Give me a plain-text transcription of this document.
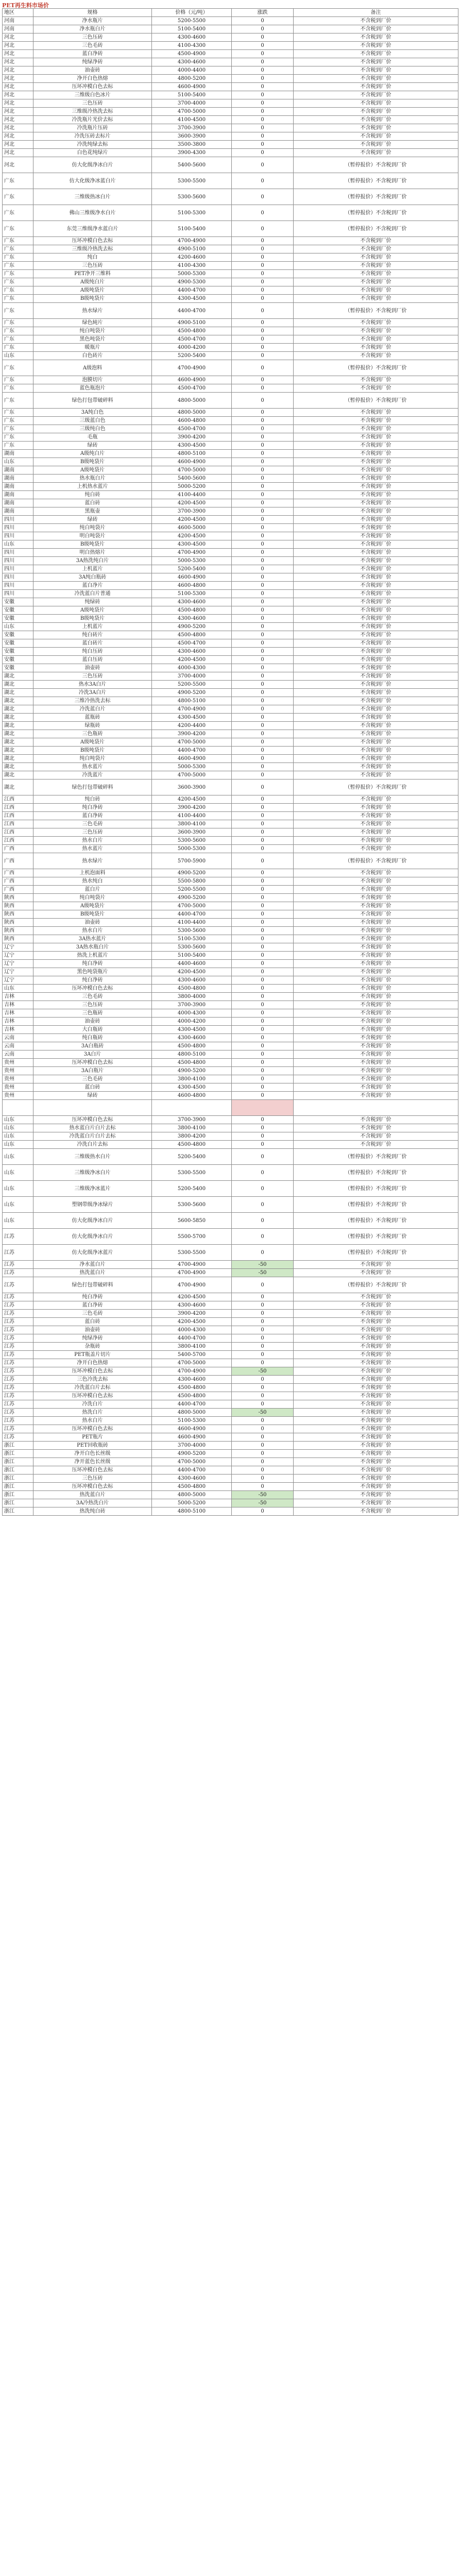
PET再生料市场价
地区	规格	价格（元/吨）	涨跌	备注
河南	净水瓶片	5200-5500	0	不含税到厂价
河南	净水瓶白片	5100-5400	0	不含税到厂价
河北	三色压砖	4300-4600	0	不含税到厂价
河北	三色毛砖	4100-4300	0	不含税到厂价
河北	蓝白净砖	4500-4900	0	不含税到厂价
河北	纯绿净砖	4300-4600	0	不含税到厂价
河北	油壶砖	4000-4400	0	不含税到厂价
河北	净开白色热熔	4800-5200	0	不含税到厂价
河北	压坏冲模白色去标	4600-4900	0	不含税到厂价
河北	三维级白色冰片	5100-5400	0	不含税到厂价
河北	三色压砖	3700-4000	0	不含税到厂价
河北	三维级冷热洗去标	4700-5000	0	不含税到厂价
河北	冷洗瓶片光价去标	4100-4500	0	不含税到厂价
河北	冷洗瓶片压砖	3700-3900	0	不含税到厂价
河北	冷洗压砖去标片	3600-3900	0	不含税到厂价
河北	冷洗纯绿去标	3500-3800	0	不含税到厂价
河北	白色花纯绿片	3900-4300	0	不含税到厂价
河北	仿大化级净冰白片	5400-5600	0	（暂停报价）不含税到厂价
广东	仿大化级净冰蓝白片	5300-5500	0	（暂停报价）不含税到厂价
广东	三维级热冰白片	5300-5600	0	（暂停报价）不含税到厂价
广东	佛山三维级净水白片	5100-5300	0	（暂停报价）不含税到厂价
广东	东莞三维级净水蓝白片	5100-5400	0	（暂停报价）不含税到厂价
广东	压坏冲模白色去标	4700-4900	0	不含税到厂价
广东	三维级冷热洗去标	4900-5100	0	不含税到厂价
广东	纯白	4200-4600	0	不含税到厂价
广东	三色压砖	4100-4300	0	不含税到厂价
广东	PET净开三维料	5000-5300	0	不含税到厂价
广东	A级纯白片	4900-5300	0	不含税到厂价
广东	A级吨袋片	4400-4700	0	不含税到厂价
广东	B级吨袋片	4300-4500	0	不含税到厂价
广东	热水绿片	4400-4700	0	（暂停报价）不含税到厂价
广东	绿色純片	4900-5100	0	不含税到厂价
广东	纯白吨袋片	4500-4800	0	不含税到厂价
广东	黑色吨袋片	4500-4700	0	不含税到厂价
广东	暖瓶片	4000-4200	0	不含税到厂价
山东	白色砖片	5200-5400	0	不含税到厂价
广东	A级泡料	4700-4900	0	（暂停报价）不含税到厂价
广东	泡膜切片	4600-4900	0	不含税到厂价
广东	蓝色瓶泡片	4500-4700	0	不含税到厂价
广东	绿色打包带破碎料	4800-5000	0	（暂停报价）不含税到厂价
广东	3A纯白色	4800-5000	0	不含税到厂价
广东	三级蓝白色	4600-4800	0	不含税到厂价
广东	三级纯白色	4500-4700	0	不含税到厂价
广东	毛瓶	3900-4200	0	不含税到厂价
广东	绿砖	4300-4500	0	不含税到厂价
湖南	A级纯白片	4800-5100	0	不含税到厂价
山东	B级吨袋片	4600-4900	0	不含税到厂价
湖南	A级吨袋片	4700-5000	0	不含税到厂价
湖南	热水瓶白片	5400-5600	0	不含税到厂价
湖南	上机热水蓝片	5000-5200	0	不含税到厂价
湖南	纯白砖	4100-4400	0	不含税到厂价
湖南	蓝白砖	4200-4500	0	不含税到厂价
湖南	黑瓶壶	3700-3900	0	不含税到厂价
四川	绿砖	4200-4500	0	不含税到厂价
四川	纯白吨袋片	4600-5000	0	不含税到厂价
四川	明白吨袋片	4200-4500	0	不含税到厂价
山东	B级吨袋片	4300-4500	0	不含税到厂价
四川	明白热熔片	4700-4900	0	不含税到厂价
四川	3A热洗纯白片	5000-5300	0	不含税到厂价
四川	上机蓝片	5200-5400	0	不含税到厂价
四川	3A纯白瓶砖	4600-4900	0	不含税到厂价
四川	蓝白净片	4600-4800	0	不含税到厂价
四川	冷洗蓝白片普通	5100-5300	0	不含税到厂价
安徽	纯绿砖	4300-4600	0	不含税到厂价
安徽	A级吨袋片	4500-4800	0	不含税到厂价
安徽	B级吨袋片	4300-4600	0	不含税到厂价
山东	上机蓝片	4900-5200	0	不含税到厂价
安徽	纯白砖片	4500-4800	0	不含税到厂价
安徽	蓝白砖片	4500-4700	0	不含税到厂价
安徽	纯白压砖	4300-4600	0	不含税到厂价
安徽	蓝白压砖	4200-4500	0	不含税到厂价
安徽	油壶砖	4000-4300	0	不含税到厂价
湖北	三色压砖	3700-4000	0	不含税到厂价
湖北	热水3A白片	5200-5500	0	不含税到厂价
湖北	冷洗3A白片	4900-5200	0	不含税到厂价
湖北	三维冷热洗去标	4800-5100	0	不含税到厂价
湖北	冷洗蓝白片	4700-4900	0	不含税到厂价
湖北	蓝瓶砖	4300-4500	0	不含税到厂价
湖北	绿瓶砖	4200-4400	0	不含税到厂价
湖北	三色瓶砖	3900-4200	0	不含税到厂价
湖北	A级吨袋片	4700-5000	0	不含税到厂价
湖北	B级吨袋片	4400-4700	0	不含税到厂价
湖北	纯白吨袋片	4600-4900	0	不含税到厂价
湖北	热水蓝片	5000-5300	0	不含税到厂价
湖北	冷洗蓝片	4700-5000	0	不含税到厂价
湖北	绿色打包带破碎料	3600-3900	0	（暂停报价）不含税到厂价
江西	纯白砖	4200-4500	0	不含税到厂价
江西	纯白净砖	3900-4200	0	不含税到厂价
江西	蓝白净砖	4100-4400	0	不含税到厂价
江西	三色毛砖	3800-4100	0	不含税到厂价
江西	三色压砖	3600-3900	0	不含税到厂价
江西	热水白片	5300-5600	0	不含税到厂价
广西	热水蓝片	5000-5300	0	不含税到厂价
广西	热水绿片	5700-5900	0	（暂停报价）不含税到厂价
广西	上机泡面料	4900-5200	0	不含税到厂价
广西	热水纯白	5500-5800	0	不含税到厂价
广西	蓝白片	5200-5500	0	不含税到厂价
陕西	纯白吨袋片	4900-5200	0	不含税到厂价
陕西	A级吨袋片	4700-5000	0	不含税到厂价
陕西	B级吨袋片	4400-4700	0	不含税到厂价
陕西	油壶砖	4100-4400	0	不含税到厂价
陕西	热水白片	5300-5600	0	不含税到厂价
陕西	3A热水蓝片	5100-5300	0	不含税到厂价
辽宁	3A热水瓶白片	5300-5600	0	不含税到厂价
辽宁	热洗上机蓝片	5100-5400	0	不含税到厂价
辽宁	纯白净砖	4400-4600	0	不含税到厂价
辽宁	黑色吨袋瓶片	4200-4500	0	不含税到厂价
辽宁	纯白净砖	4300-4600	0	不含税到厂价
山东	压坏冲模白色去标	4500-4800	0	不含税到厂价
吉林	三色毛砖	3800-4000	0	不含税到厂价
吉林	三色压砖	3700-3900	0	不含税到厂价
吉林	三色瓶砖	4000-4300	0	不含税到厂价
吉林	油壶砖	4000-4200	0	不含税到厂价
吉林	大白瓶砖	4300-4500	0	不含税到厂价
云南	纯白瓶砖	4300-4600	0	不含税到厂价
云南	3A白瓶砖	4500-4800	0	不含税到厂价
云南	3A白片	4800-5100	0	不含税到厂价
贵州	压坏冲模白色去标	4500-4800	0	不含税到厂价
贵州	3A白瓶片	4900-5200	0	不含税到厂价
贵州	三色毛砖	3800-4100	0	不含税到厂价
贵州	蓝白砖	4300-4500	0	不含税到厂价
贵州	绿砖	4600-4800	0	不含税到厂价

山东	压坏冲模白色去标	3700-3900	0	不含税到厂价
山东	热水蓝白片白片去标	3800-4100	0	不含税到厂价
山东	冷洗蓝白片白片去标	3800-4200	0	不含税到厂价
山东	冷洗白片去标	4500-4800	0	不含税到厂价
山东	三维级热水白片	5200-5400	0	（暂停报价）不含税到厂价
山东	三维级净冰白片	5300-5500	0	（暂停报价）不含税到厂价
山东	三维级净冰蓝片	5200-5400	0	（暂停报价）不含税到厂价
山东	塑钢带级净冰绿片	5300-5600	0	（暂停报价）不含税到厂价
山东	仿大化级净冰白片	5600-5850	0	（暂停报价）不含税到厂价
江苏	仿大化级净冰白片	5500-5700	0	（暂停报价）不含税到厂价
江苏	仿大化级净冰蓝片	5300-5500	0	（暂停报价）不含税到厂价
江苏	净水蓝白片	4700-4900	-50	不含税到厂价
江苏	热洗蓝白片	4700-4900	-50	不含税到厂价
江苏	绿色打包带破碎料	4700-4900	0	（暂停报价）不含税到厂价
江苏	纯白净砖	4200-4500	0	不含税到厂价
江苏	蓝白净砖	4300-4600	0	不含税到厂价
江苏	三色毛砖	3900-4200	0	不含税到厂价
江苏	蓝白砖	4200-4500	0	不含税到厂价
江苏	油壶砖	4000-4300	0	不含税到厂价
江苏	纯绿净砖	4400-4700	0	不含税到厂价
江苏	杂瓶砖	3800-4100	0	不含税到厂价
江苏	PET瓶盖片切片	5400-5700	0	不含税到厂价
江苏	净开白色热熔	4700-5000	0	不含税到厂价
江苏	压坏冲模白色去标	4700-4900	-50	不含税到厂价
江苏	三色冷洗去标	4300-4600	0	不含税到厂价
江苏	冷洗蓝白片去标	4500-4800	0	不含税到厂价
江苏	压坏冲模白色去标	4500-4800	0	不含税到厂价
江苏	冷洗白片	4400-4700	0	不含税到厂价
江苏	热洗白片	4800-5000	-50	不含税到厂价
江苏	热水白片	5100-5300	0	不含税到厂价
江苏	压坏冲模白色去标	4600-4900	0	不含税到厂价
江苏	PET瓶片	4600-4900	0	不含税到厂价
浙江	PET回收瓶砖	3700-4000	0	不含税到厂价
浙江	净开白色长丝级	4900-5200	0	不含税到厂价
浙江	净开蓝色长丝级	4700-5000	0	不含税到厂价
浙江	压坏冲模白色去标	4400-4700	0	不含税到厂价
浙江	三色压砖	4300-4600	0	不含税到厂价
浙江	压坏冲模白色去标	4500-4800	0	不含税到厂价
浙江	热洗蓝白片	4800-5000	-50	不含税到厂价
浙江	3A冷热洗白片	5000-5200	-50	不含税到厂价
浙江	热洗纯白砖	4800-5100	0	不含税到厂价
